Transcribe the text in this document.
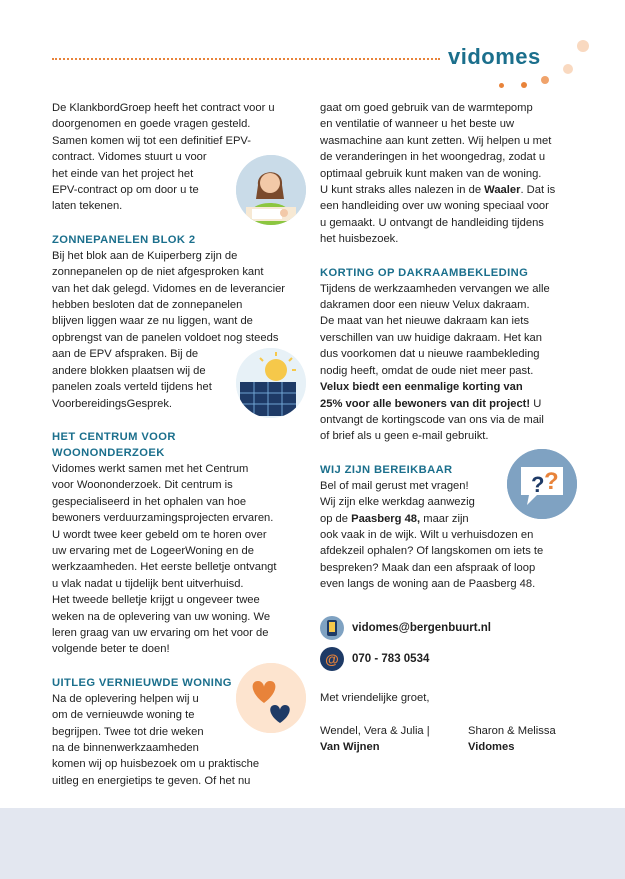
vidomes

De KlankbordGroep heeft het contract voor u

doorgenomen en goede vragen gesteld.

Samen komen wij tot een definitief EPV-

contract. Vidomes stuurt u voor

het einde van het project het

EPV-contract op om door u te

laten tekenen.

ZONNEPANELEN BLOK 2

Bij het blok aan de Kuiperberg zijn de

zonnepanelen op de niet afgesproken kant

van het dak gelegd. Vidomes en de leverancier

hebben besloten dat de zonnepanelen

blijven liggen waar ze nu liggen, want de

opbrengst van de panelen voldoet nog steeds

aan de EPV afspraken. Bij de

andere blokken plaatsen wij de

panelen zoals verteld tijdens het

VoorbereidingsGesprek.

HET CENTRUM VOOR WOONONDERZOEK

Vidomes werkt samen met het Centrum

voor Woononderzoek. Dit centrum is

gespecialiseerd in het ophalen van hoe

bewoners verduurzamingsprojecten ervaren.

U wordt twee keer gebeld om te horen over

uw ervaring met de LogeerWoning en de

werkzaamheden. Het eerste belletje ontvangt

u vlak nadat u tijdelijk bent uitverhuisd.

Het tweede belletje krijgt u ongeveer twee

weken na de oplevering van uw woning. We

leren graag van uw ervaring om het voor de

volgende beter te doen!

UITLEG VERNIEUWDE WONING

Na de oplevering helpen wij u

om de vernieuwde woning te

begrijpen. Twee tot drie weken

na de binnenwerkzaamheden

komen wij op huisbezoek om u praktische

uitleg en energietips te geven. Of het nu

gaat om goed gebruik van de warmtepomp

en ventilatie of wanneer u het beste uw

wasmachine aan kunt zetten. Wij helpen u met

de veranderingen in het woongedrag, zodat u

optimaal gebruik kunt maken van de woning.

U kunt straks alles nalezen in de Waaler. Dat is

een handleiding over uw woning speciaal voor

u gemaakt. U ontvangt de handleiding tijdens

het huisbezoek.

KORTING OP DAKRAAMBEKLEDING

Tijdens de werkzaamheden vervangen we alle

dakramen door een nieuw Velux dakraam.

De maat van het nieuwe dakraam kan iets

verschillen van uw huidige dakraam. Het kan

dus voorkomen dat u nieuwe raambekleding

nodig heeft, omdat de oude niet meer past.

Velux biedt een eenmalige korting van

25% voor alle bewoners van dit project! U

ontvangt de kortingscode van ons via de mail

of brief als u geen e-mail gebruikt.

WIJ ZIJN BEREIKBAAR

Bel of mail gerust met vragen!

Wij zijn elke werkdag aanwezig

op de Paasberg 48, maar zijn

ook vaak in de wijk. Wilt u verhuisdozen en

afdekzeil ophalen? Of langskomen om iets te

bespreken? Maak dan een afspraak of loop

even langs de woning aan de Paasberg 48.

? ?
vidomes@bergenbuurt.nl
@ 070 - 783 0534
Met vriendelijke groet,
Wendel, Vera & Julia |
Van Wijnen
Sharon & Melissa
Vidomes
